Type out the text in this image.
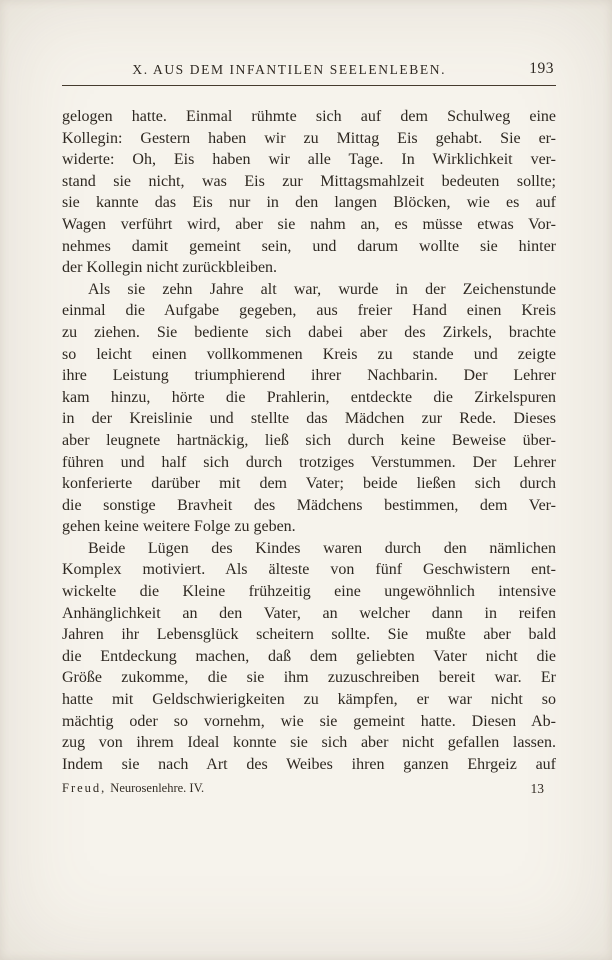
X. AUS DEM INFANTILEN SEELENLEBEN.	193
gelogen hatte. Einmal rühmte sich auf dem Schulweg eine
Kollegin: Gestern haben wir zu Mittag Eis gehabt. Sie er-
widerte: Oh, Eis haben wir alle Tage. In Wirklichkeit ver-
stand sie nicht, was Eis zur Mittagsmahlzeit bedeuten sollte;
sie kannte das Eis nur in den langen Blöcken, wie es auf
Wagen verführt wird, aber sie nahm an, es müsse etwas Vor-
nehmes damit gemeint sein, und darum wollte sie hinter
der Kollegin nicht zurückbleiben.
Als sie zehn Jahre alt war, wurde in der Zeichenstunde
einmal die Aufgabe gegeben, aus freier Hand einen Kreis
zu ziehen. Sie bediente sich dabei aber des Zirkels, brachte
so leicht einen vollkommenen Kreis zu stande und zeigte
ihre Leistung triumphierend ihrer Nachbarin. Der Lehrer
kam hinzu, hörte die Prahlerin, entdeckte die Zirkelspuren
in der Kreislinie und stellte das Mädchen zur Rede. Dieses
aber leugnete hartnäckig, ließ sich durch keine Beweise über-
führen und half sich durch trotziges Verstummen. Der Lehrer
konferierte darüber mit dem Vater; beide ließen sich durch
die sonstige Bravheit des Mädchens bestimmen, dem Ver-
gehen keine weitere Folge zu geben.
Beide Lügen des Kindes waren durch den nämlichen
Komplex motiviert. Als älteste von fünf Geschwistern ent-
wickelte die Kleine frühzeitig eine ungewöhnlich intensive
Anhänglichkeit an den Vater, an welcher dann in reifen
Jahren ihr Lebensglück scheitern sollte. Sie mußte aber bald
die Entdeckung machen, daß dem geliebten Vater nicht die
Größe zukomme, die sie ihm zuzuschreiben bereit war. Er
hatte mit Geldschwierigkeiten zu kämpfen, er war nicht so
mächtig oder so vornehm, wie sie gemeint hatte. Diesen Ab-
zug von ihrem Ideal konnte sie sich aber nicht gefallen lassen.
Indem sie nach Art des Weibes ihren ganzen Ehrgeiz auf
Freud, Neurosenlehre. IV.	13
